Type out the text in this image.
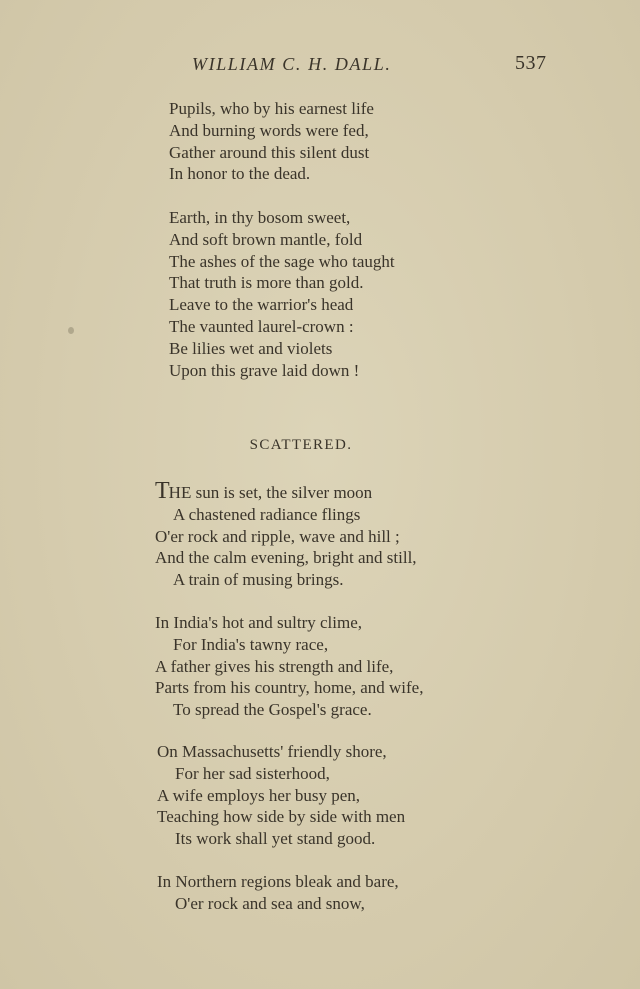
WILLIAM C. H. DALL.	537
Pupils, who by his earnest life
And burning words were fed,
Gather around this silent dust
In honor to the dead.
Earth, in thy bosom sweet,
And soft brown mantle, fold
The ashes of the sage who taught
That truth is more than gold.
Leave to the warrior's head
The vaunted laurel-crown :
Be lilies wet and violets
Upon this grave laid down !
SCATTERED.
THE sun is set, the silver moon
A chastened radiance flings
O'er rock and ripple, wave and hill ;
And the calm evening, bright and still,
A train of musing brings.
In India's hot and sultry clime,
For India's tawny race,
A father gives his strength and life,
Parts from his country, home, and wife,
To spread the Gospel's grace.
On Massachusetts' friendly shore,
For her sad sisterhood,
A wife employs her busy pen,
Teaching how side by side with men
Its work shall yet stand good.
In Northern regions bleak and bare,
O'er rock and sea and snow,
